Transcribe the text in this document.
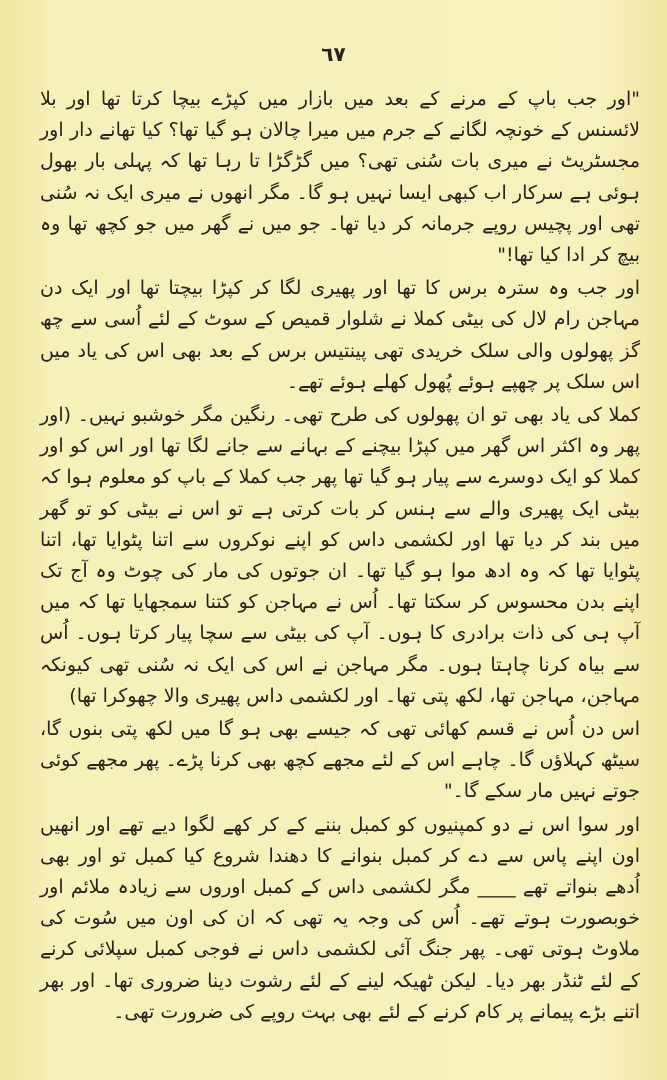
٦٧

"اور جب باپ کے مرنے کے بعد میں بازار میں کپڑے بیچا کرتا تھا اور بلا لائسنس کے خونچہ لگانے کے جرم میں میرا چالان ہو گیا تھا؟ کیا تھانے دار اور مجسٹریٹ نے میری بات سُنی تھی؟ میں گڑگڑا تا رہا تھا کہ پہلی بار بھول ہوئی ہے سرکار اب کبھی ایسا نہیں ہو گا۔ مگر انھوں نے میری ایک نہ سُنی تھی اور پچیس روپے جرمانہ کر دیا تھا۔ جو میں نے گھر میں جو کچھ تھا وہ بیچ کر ادا کیا تھا!"

اور جب وہ سترہ برس کا تھا اور پھیری لگا کر کپڑا بیچتا تھا اور ایک دن مہاجن رام لال کی بیٹی کملا نے شلوار قمیص کے سوٹ کے لئے اُسی سے چھ گز پھولوں والی سلک خریدی تھی پینتیس برس کے بعد بھی اس کی یاد میں اس سلک پر چھپے ہوئے پُھول کھلے ہوئے تھے۔

کملا کی یاد بھی تو ان پھولوں کی طرح تھی۔ رنگین مگر خوشبو نہیں۔ (اور پھر وہ اکثر اس گھر میں کپڑا بیچنے کے بہانے سے جانے لگا تھا اور اس کو اور کملا کو ایک دوسرے سے پیار ہو گیا تھا پھر جب کملا کے باپ کو معلوم ہوا کہ بیٹی ایک پھیری والے سے ہنس کر بات کرتی ہے تو اس نے بیٹی کو تو گھر میں بند کر دیا تھا اور لکشمی داس کو اپنے نوکروں سے اتنا پٹوایا تھا، اتنا پٹوایا تھا کہ وہ ادھ موا ہو گیا تھا۔ ان جوتوں کی مار کی چوٹ وہ آج تک اپنے بدن محسوس کر سکتا تھا۔ اُس نے مہاجن کو کتنا سمجھایا تھا کہ میں آپ ہی کی ذات برادری کا ہوں۔ آپ کی بیٹی سے سچا پیار کرتا ہوں۔ اُس سے بیاہ کرنا چاہتا ہوں۔ مگر مہاجن نے اس کی ایک نہ سُنی تھی کیونکہ مہاجن، مہاجن تھا، لکھ پتی تھا۔ اور لکشمی داس پھیری والا چھوکرا تھا)

اس دن اُس نے قسم کھائی تھی کہ جیسے بھی ہو گا میں لکھ پتی بنوں گا، سیٹھ کہلاؤں گا۔ چاہے اس کے لئے مجھے کچھ بھی کرنا پڑے۔ پھر مجھے کوئی جوتے نہیں مار سکے گا۔"

اور سوا اس نے دو کمپنیوں کو کمبل بننے کے کر کھے لگوا دیے تھے اور انھیں اون اپنے پاس سے دے کر کمبل بنوانے کا دھندا شروع کیا کمبل تو اور بھی اُدھے بنواتے تھے ____ مگر لکشمی داس کے کمبل اوروں سے زیادہ ملائم اور خوبصورت ہوتے تھے۔ اُس کی وجہ یہ تھی کہ ان کی اون میں سُوت کی ملاوٹ ہوتی تھی۔ پھر جنگ آئی لکشمی داس نے فوجی کمبل سپلائی کرنے کے لئے ٹنڈر بھر دیا۔ لیکن ٹھیکہ لینے کے لئے رشوت دینا ضروری تھا۔ اور بھر اتنے بڑے پیمانے پر کام کرنے کے لئے بھی بہت روپے کی ضرورت تھی۔
